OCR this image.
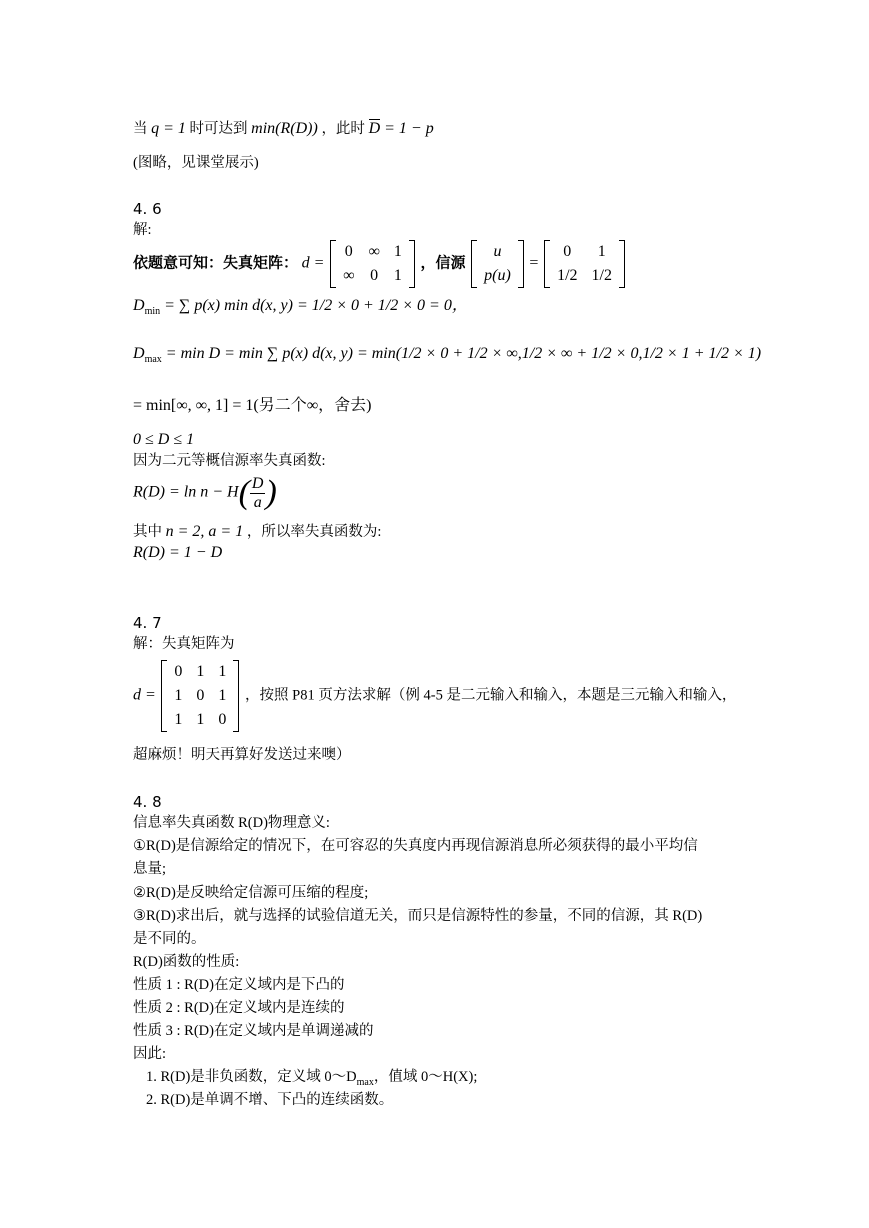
当 q = 1 时可达到 min(R(D)) ，此时 D = 1 − p
(图略，见课堂展示)
4. 6
解:
依题意可知：失真矩阵： d =
0	∞	1
∞	0	1
，信源
u
p(u)
=
0	1
1/2	1/2
$D_{min}$ = ∑ p(x) min d(x, y) = 1/2 × 0 + 1/2 × 0 = 0，
$D_{max} = \min D = \min$ ∑ p(x) d(x, y) = min(1/2 × 0 + 1/2 × ∞,1/2 × ∞ + 1/2 × 0,1/2 × 1 + 1/2 × 1)
= min[∞, ∞, 1] = 1(另二个∞，舍去)
0 ≤ D ≤ 1
因为二元等概信源率失真函数:
$R(D) = \ln n - H( \frac{D}{a}$ )
其中 n = 2, a = 1 ，所以率失真函数为:
R(D) = 1 − D
4. 7
解：失真矩阵为
d =
0	1	1
1	0	1
1	1	0
，按照 P81 页方法求解（例 4-5 是二元输入和输入，本题是三元输入和输入，
超麻烦！明天再算好发送过来噢）
4. 8
信息率失真函数 R(D)物理意义:
①R(D)是信源给定的情况下，在可容忍的失真度内再现信源消息所必须获得的最小平均信
息量;
②R(D)是反映给定信源可压缩的程度;
③R(D)求出后，就与选择的试验信道无关，而只是信源特性的参量，不同的信源，其 R(D)
是不同的。
R(D)函数的性质:
性质 1 : R(D)在定义域内是下凸的
性质 2 : R(D)在定义域内是连续的
性质 3 : R(D)在定义域内是单调递减的
因此:
1. R(D)是非负函数，定义域 $0\sim D_{max}$，值域 0～H(X);
2. R(D)是单调不增、下凸的连续函数。
